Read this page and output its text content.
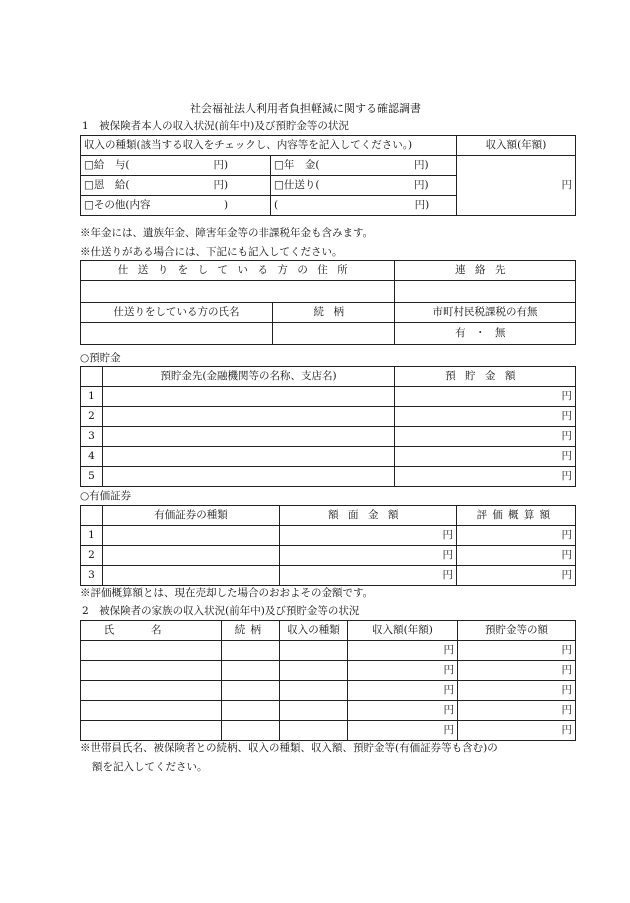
社会福祉法人利用者負担軽減に関する確認調書
1　被保険者本人の収入状況(前年中)及び預貯金等の状況
収入の種類(該当する収入をチェックし、内容等を記入してください。)		収入額(年額)
□給　与(　　　　　　　　円)	□年　金(　　　　　　　　　円)	円
□恩　給(　　　　　　　　円)	□仕送り(　　　　　　　　　円)	
□その他(内容　　　　　　　)	(　　　　　　　　　　　　　円)	
※年金には、遺族年金、障害年金等の非課税年金も含みます。
※仕送りがある場合には、下記にも記入してください。
仕送りをしている方の住所		連絡先

仕送りをしている方の氏名	続柄	市町村民税課税の有無
		有・無
○預貯金
	預貯金先(金融機関等の名称、支店名)	預貯金額
1		円
2		円
3		円
4		円
5		円
○有価証券
	有価証券の種類	額面金額	評価概算額
1		円	円
2		円	円
3		円	円
※評価概算額とは、現在売却した場合のおおよその金額です。
2　被保険者の家族の収入状況(前年中)及び預貯金等の状況
氏名	続柄	収入の種類	収入額(年額)	預貯金等の額
			円	円
			円	円
			円	円
			円	円
			円	円
※世帯員氏名、被保険者との続柄、収入の種類、収入額、預貯金等(有価証券等も含む)の
額を記入してください。
